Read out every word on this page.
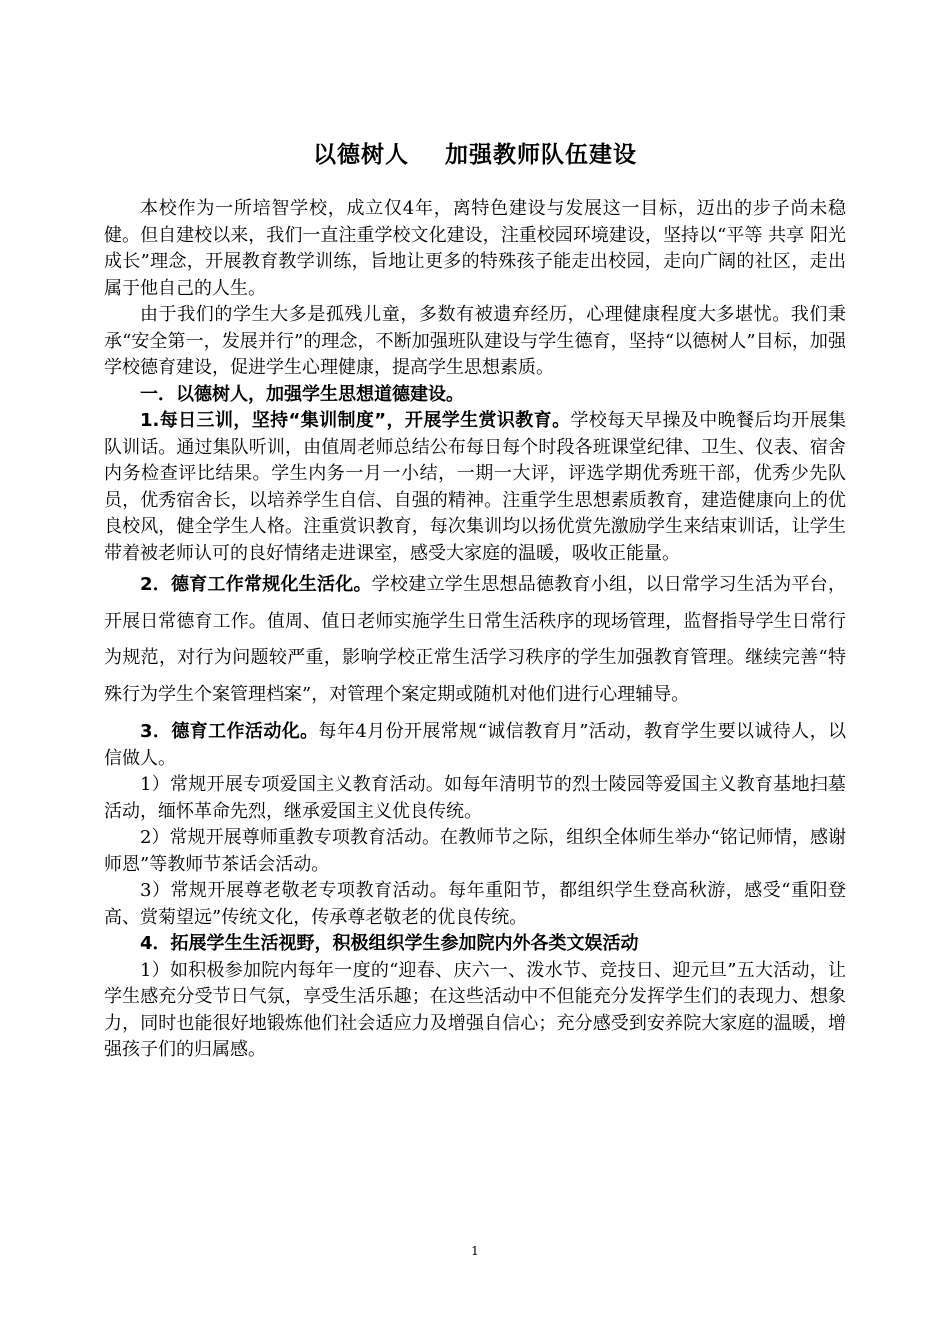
以德树人    加强教师队伍建设

本校作为一所培智学校，成立仅4年，离特色建设与发展这一目标，迈出的步子尚未稳健。但自建校以来，我们一直注重学校文化建设，注重校园环境建设，坚持以“平等 共享 阳光 成长”理念，开展教育教学训练，旨地让更多的特殊孩子能走出校园，走向广阔的社区，走出属于他自己的人生。

由于我们的学生大多是孤残儿童，多数有被遗弃经历，心理健康程度大多堪忧。我们秉承“安全第一，发展并行”的理念，不断加强班队建设与学生德育，坚持“以德树人”目标，加强学校德育建设，促进学生心理健康，提高学生思想素质。

一．以德树人，加强学生思想道德建设。

1.每日三训，坚持“集训制度”，开展学生赏识教育。学校每天早操及中晚餐后均开展集队训话。通过集队听训，由值周老师总结公布每日每个时段各班课堂纪律、卫生、仪表、宿舍内务检查评比结果。学生内务一月一小结，一期一大评，评选学期优秀班干部，优秀少先队员，优秀宿舍长，以培养学生自信、自强的精神。注重学生思想素质教育，建造健康向上的优良校风，健全学生人格。注重赏识教育，每次集训均以扬优赏先激励学生来结束训话，让学生带着被老师认可的良好情绪走进课室，感受大家庭的温暖，吸收正能量。

2．德育工作常规化生活化。学校建立学生思想品德教育小组，以日常学习生活为平台，开展日常德育工作。值周、值日老师实施学生日常生活秩序的现场管理，监督指导学生日常行为规范，对行为问题较严重，影响学校正常生活学习秩序的学生加强教育管理。继续完善“特殊行为学生个案管理档案”，对管理个案定期或随机对他们进行心理辅导。

3．德育工作活动化。每年4月份开展常规“诚信教育月”活动，教育学生要以诚待人，以信做人。

1）常规开展专项爱国主义教育活动。如每年清明节的烈士陵园等爱国主义教育基地扫墓活动，缅怀革命先烈，继承爱国主义优良传统。

2）常规开展尊师重教专项教育活动。在教师节之际，组织全体师生举办“铭记师情，感谢师恩”等教师节茶话会活动。

3）常规开展尊老敬老专项教育活动。每年重阳节，都组织学生登高秋游，感受“重阳登高、赏菊望远”传统文化，传承尊老敬老的优良传统。

4．拓展学生生活视野，积极组织学生参加院内外各类文娱活动

1）如积极参加院内每年一度的“迎春、庆六一、泼水节、竞技日、迎元旦”五大活动，让学生感充分受节日气氛，享受生活乐趣；在这些活动中不但能充分发挥学生们的表现力、想象力，同时也能很好地锻炼他们社会适应力及增强自信心；充分感受到安养院大家庭的温暖，增强孩子们的归属感。

1
